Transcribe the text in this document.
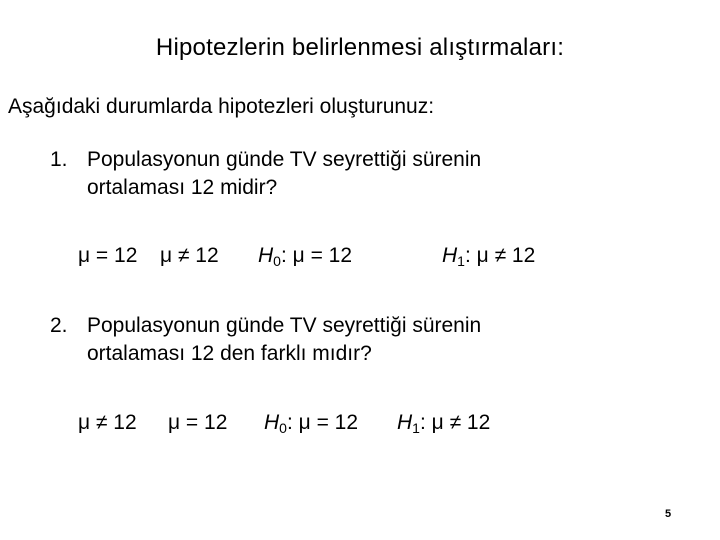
Hipotezlerin belirlenmesi alıştırmaları:
Aşağıdaki durumlarda hipotezleri oluşturunuz:
1. Populasyonun günde TV seyrettiği sürenin
ortalaması 12 midir?
μ = 12 μ ≠ 12 $H_0$: μ = 12	$H_1$: μ ≠ 12
2. Populasyonun günde TV seyrettiği sürenin
ortalaması 12 den farklı mıdır?
μ ≠ 12 μ = 12 $H_0$: μ = 12 $H_1$: μ ≠ 12
5
